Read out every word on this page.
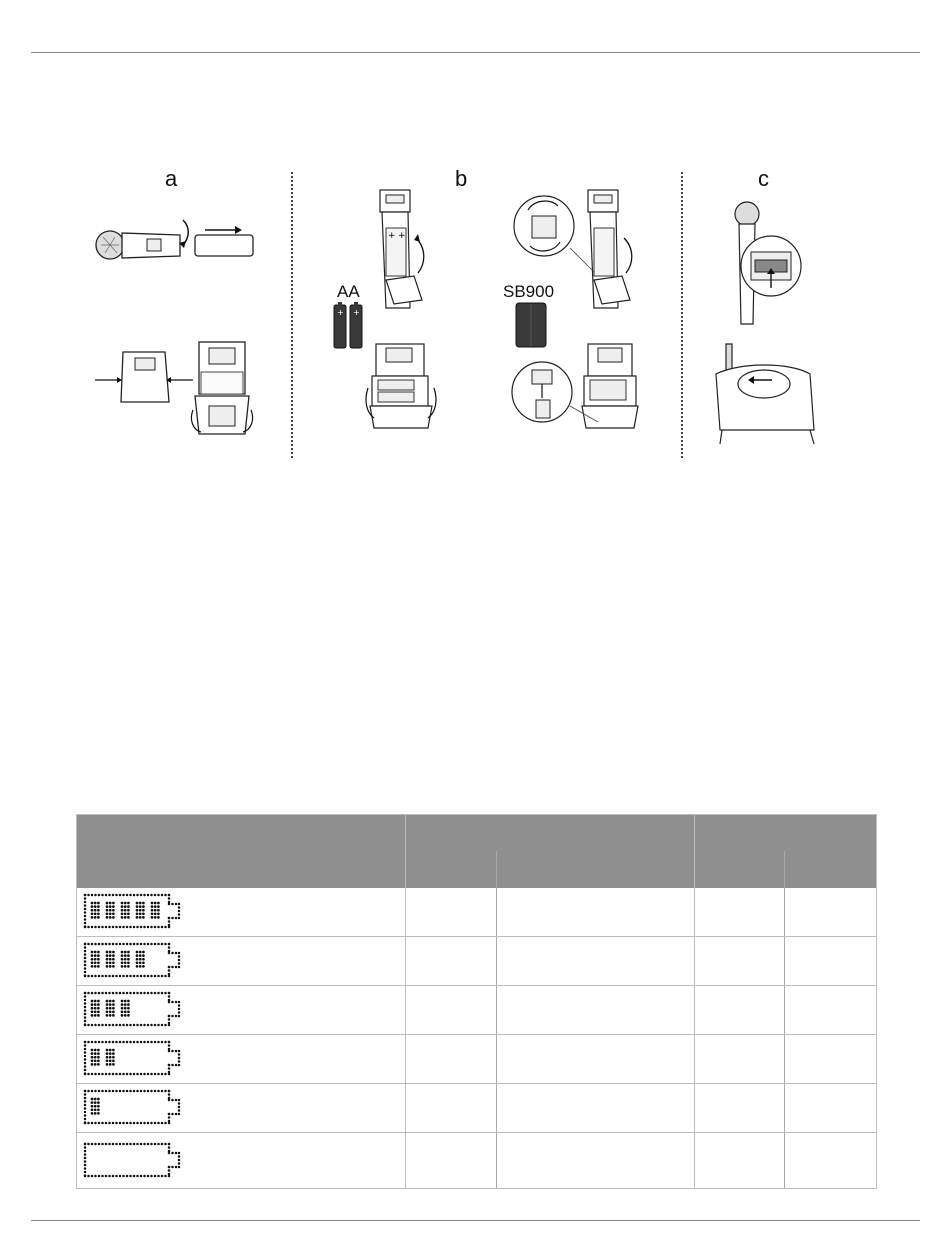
a	b	c
+ +
AA
+ +
SB900
